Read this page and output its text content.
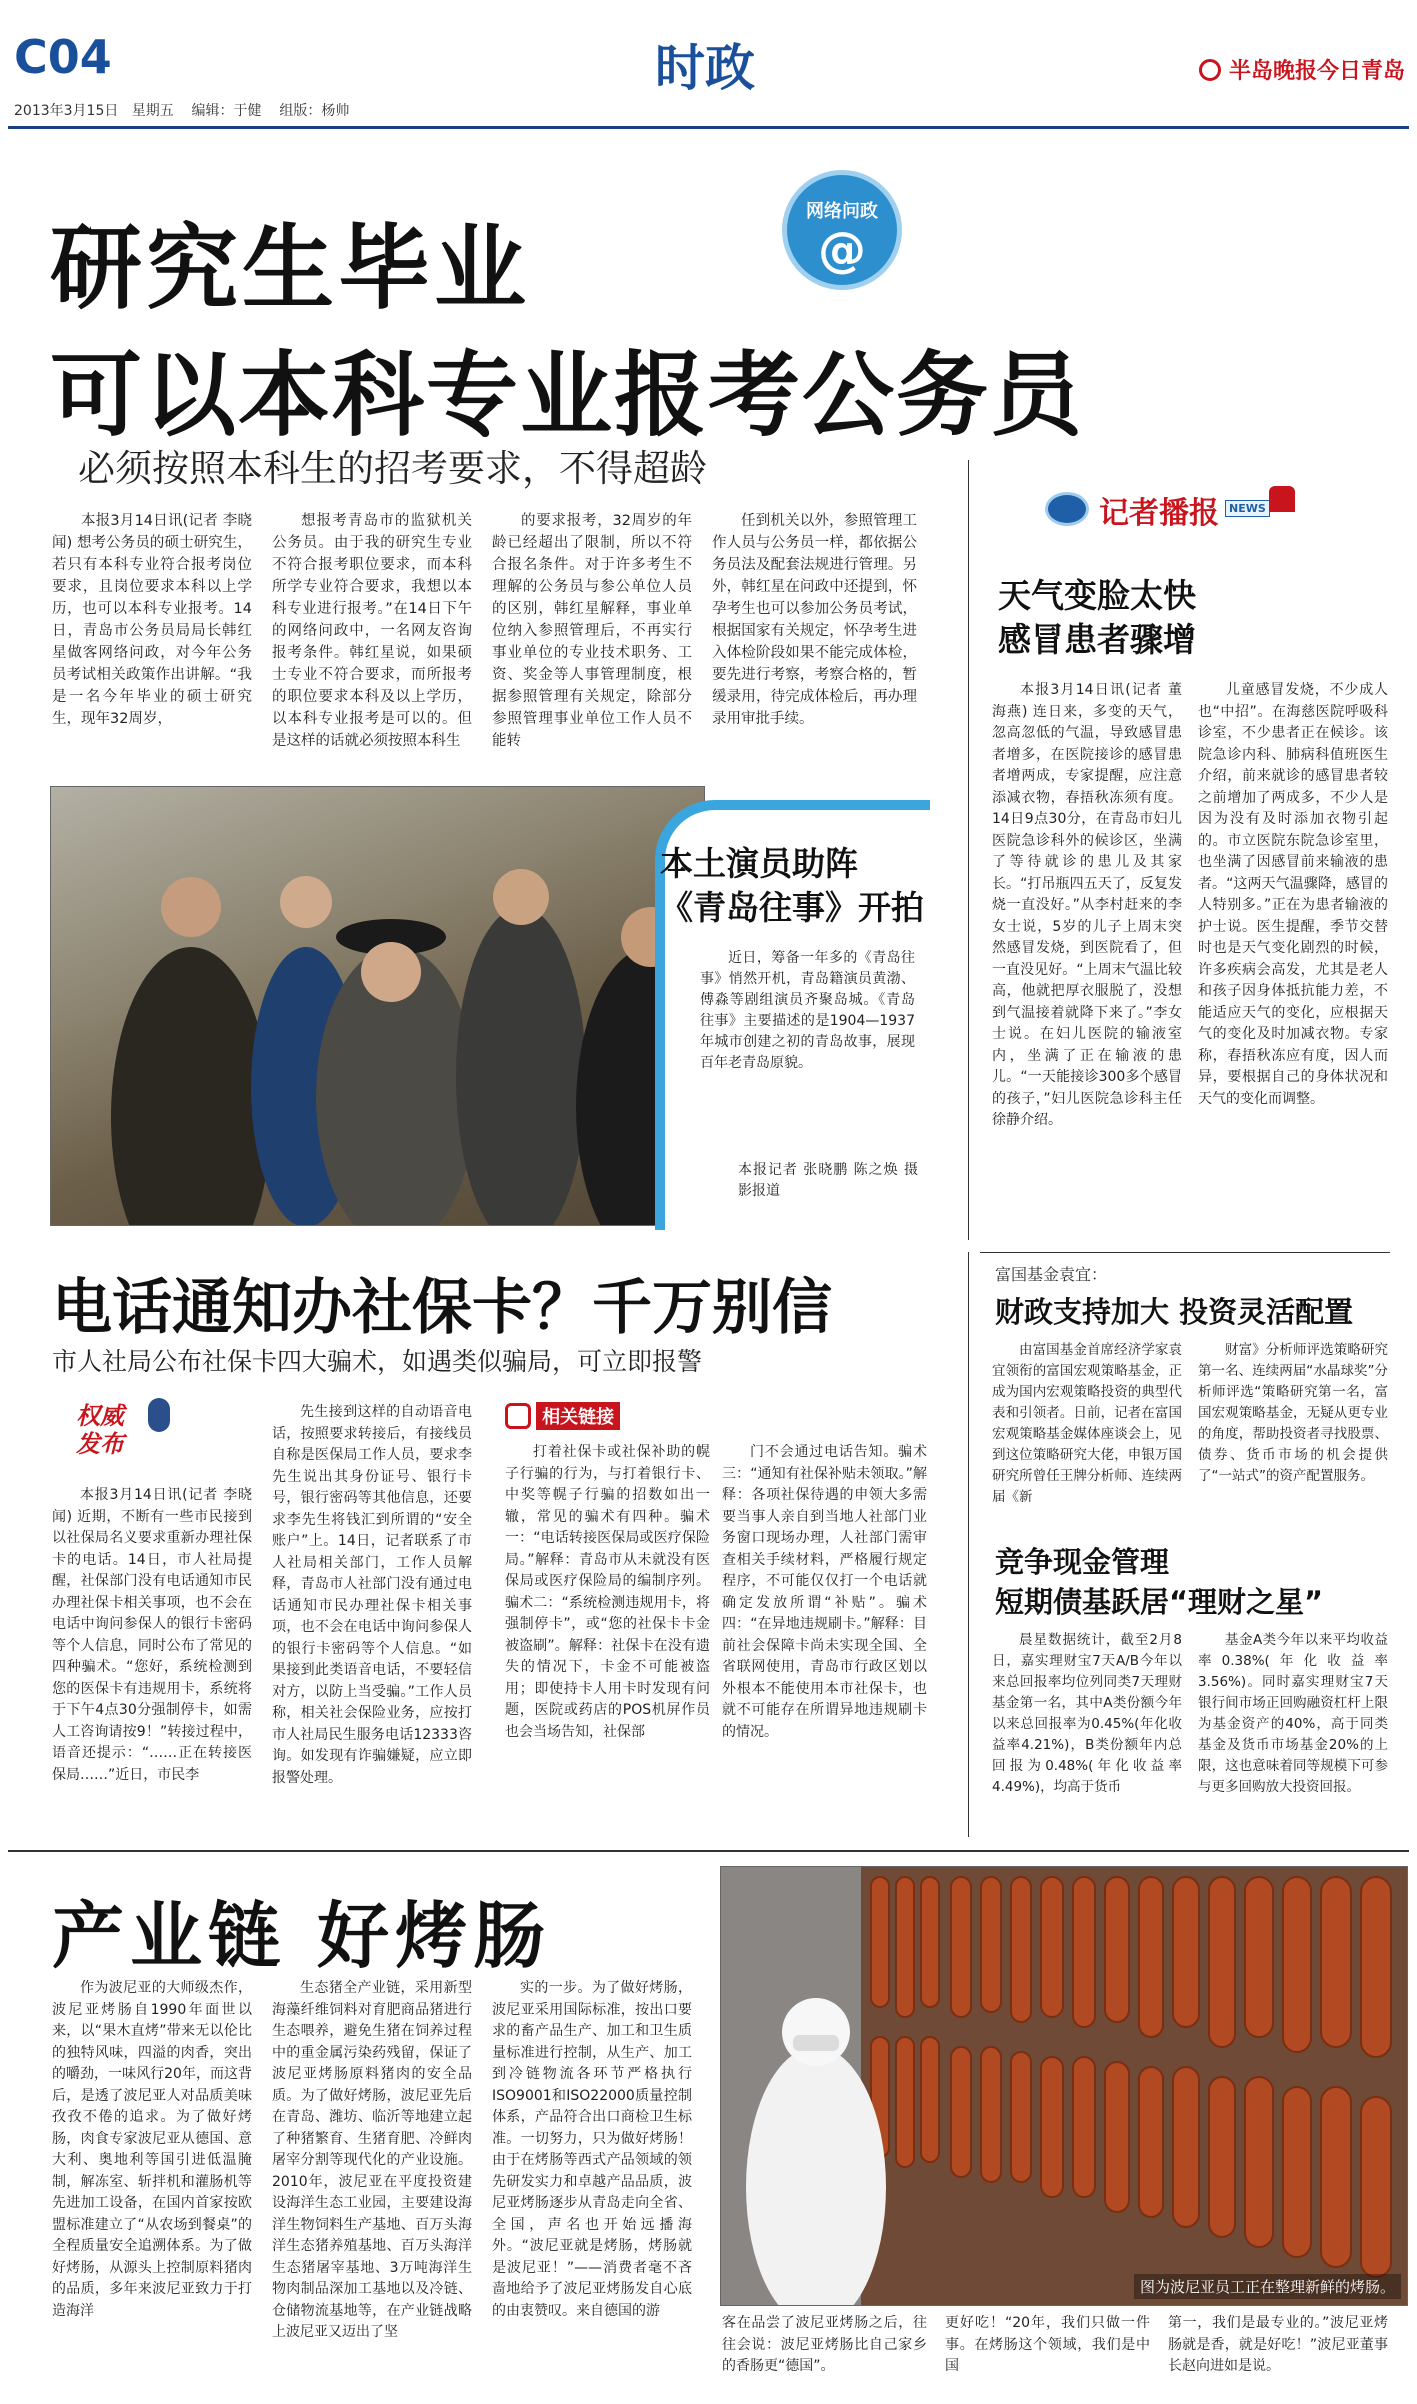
C04
2013年3月15日 星期五 编辑：于健 组版：杨帅
时政	半岛晚报今日青岛
研究生毕业
可以本科专业报考公务员
网络问政
@
必须按照本科生的招考要求，不得超龄

本报3月14日讯(记者 李晓闻) 想考公务员的硕士研究生，若只有本科专业符合报考岗位要求，且岗位要求本科以上学历，也可以本科专业报考。14日，青岛市公务员局局长韩红星做客网络问政，对今年公务员考试相关政策作出讲解。“我是一名今年毕业的硕士研究生，现年32周岁，

想报考青岛市的监狱机关公务员。由于我的研究生专业不符合报考职位要求，而本科所学专业符合要求，我想以本科专业进行报考。”在14日下午的网络问政中，一名网友咨询报考条件。韩红星说，如果硕士专业不符合要求，而所报考的职位要求本科及以上学历，以本科专业报考是可以的。但是这样的话就必须按照本科生

的要求报考，32周岁的年龄已经超出了限制，所以不符合报名条件。对于许多考生不理解的公务员与参公单位人员的区别，韩红星解释，事业单位纳入参照管理后，不再实行事业单位的专业技术职务、工资、奖金等人事管理制度，根据参照管理有关规定，除部分参照管理事业单位工作人员不能转

任到机关以外，参照管理工作人员与公务员一样，都依据公务员法及配套法规进行管理。另外，韩红星在问政中还提到，怀孕考生也可以参加公务员考试，根据国家有关规定，怀孕考生进入体检阶段如果不能完成体检，要先进行考察，考察合格的，暂缓录用，待完成体检后，再办理录用审批手续。

本土演员助阵
《青岛往事》开拍

近日，筹备一年多的《青岛往事》悄然开机，青岛籍演员黄渤、傅淼等剧组演员齐聚岛城。《青岛往事》主要描述的是1904—1937年城市创建之初的青岛故事，展现百年老青岛原貌。

本报记者 张晓鹏 陈之焕 摄影报道
记者播报 NEWS
天气变脸太快
感冒患者骤增

本报3月14日讯(记者 董海燕) 连日来，多变的天气，忽高忽低的气温，导致感冒患者增多，在医院接诊的感冒患者增两成，专家提醒，应注意添减衣物，春捂秋冻须有度。14日9点30分，在青岛市妇儿医院急诊科外的候诊区，坐满了等待就诊的患儿及其家长。“打吊瓶四五天了，反复发烧一直没好。”从李村赶来的李女士说，5岁的儿子上周末突然感冒发烧，到医院看了，但一直没见好。“上周末气温比较高，他就把厚衣服脱了，没想到气温接着就降下来了。”李女士说。在妇儿医院的输液室内，坐满了正在输液的患儿。“一天能接诊300多个感冒的孩子，”妇儿医院急诊科主任徐静介绍。

儿童感冒发烧，不少成人也“中招”。在海慈医院呼吸科诊室，不少患者正在候诊。该院急诊内科、肺病科值班医生介绍，前来就诊的感冒患者较之前增加了两成多，不少人是因为没有及时添加衣物引起的。市立医院东院急诊室里，也坐满了因感冒前来输液的患者。“这两天气温骤降，感冒的人特别多。”正在为患者输液的护士说。医生提醒，季节交替时也是天气变化剧烈的时候，许多疾病会高发，尤其是老人和孩子因身体抵抗能力差，不能适应天气的变化，应根据天气的变化及时加减衣物。专家称，春捂秋冻应有度，因人而异，要根据自己的身体状况和天气的变化而调整。

富国基金袁宜：
财政支持加大 投资灵活配置

由富国基金首席经济学家袁宜领衔的富国宏观策略基金，正成为国内宏观策略投资的典型代表和引领者。日前，记者在富国宏观策略基金媒体座谈会上，见到这位策略研究大佬，申银万国研究所曾任王牌分析师、连续两届《新

财富》分析师评选策略研究第一名、连续两届“水晶球奖”分析师评选“策略研究第一名，富国宏观策略基金，无疑从更专业的角度，帮助投资者寻找股票、债券、货币市场的机会提供了“一站式”的资产配置服务。

竞争现金管理
短期债基跃居“理财之星”

晨星数据统计，截至2月8日，嘉实理财宝7天A/B今年以来总回报率均位列同类7天理财基金第一名，其中A类份额今年以来总回报率为0.45%(年化收益率4.21%)，B类份额年内总回报为0.48%(年化收益率4.49%)，均高于货币

基金A类今年以来平均收益率0.38%(年化收益率3.56%)。同时嘉实理财宝7天银行间市场正回购融资杠杆上限为基金资产的40%，高于同类基金及货币市场基金20%的上限，这也意味着同等规模下可参与更多回购放大投资回报。

电话通知办社保卡？千万别信
市人社局公布社保卡四大骗术，如遇类似骗局，可立即报警
权威发布

本报3月14日讯(记者 李晓闻) 近期，不断有一些市民接到以社保局名义要求重新办理社保卡的电话。14日，市人社局提醒，社保部门没有电话通知市民办理社保卡相关事项，也不会在电话中询问参保人的银行卡密码等个人信息，同时公布了常见的四种骗术。“您好，系统检测到您的医保卡有违规用卡，系统将于下午4点30分强制停卡，如需人工咨询请按9！”转接过程中，语音还提示：“……正在转接医保局……”近日，市民李

先生接到这样的自动语音电话，按照要求转接后，有接线员自称是医保局工作人员，要求李先生说出其身份证号、银行卡号，银行密码等其他信息，还要求李先生将钱汇到所谓的“安全账户”上。14日，记者联系了市人社局相关部门，工作人员解释，青岛市人社部门没有通过电话通知市民办理社保卡相关事项，也不会在电话中询问参保人的银行卡密码等个人信息。“如果接到此类语音电话，不要轻信对方，以防上当受骗。”工作人员称，相关社会保险业务，应按打市人社局民生服务电话12333咨询。如发现有诈骗嫌疑，应立即报警处理。

相关链接

打着社保卡或社保补助的幌子行骗的行为，与打着银行卡、中奖等幌子行骗的招数如出一辙，常见的骗术有四种。骗术一：“电话转接医保局或医疗保险局。”解释：青岛市从未就没有医保局或医疗保险局的编制序列。骗术二：“系统检测违规用卡，将强制停卡”，或“您的社保卡卡金被盗刷”。解释：社保卡在没有遗失的情况下，卡金不可能被盗用；即使持卡人用卡时发现有问题，医院或药店的POS机屏作员也会当场告知，社保部

门不会通过电话告知。骗术三：“通知有社保补贴未领取。”解释：各项社保待遇的申领大多需要当事人亲自到当地人社部门业务窗口现场办理，人社部门需审查相关手续材料，严格履行规定程序，不可能仅仅打一个电话就确定发放所谓“补贴”。骗术四：“在异地违规刷卡。”解释：目前社会保障卡尚未实现全国、全省联网使用，青岛市行政区划以外根本不能使用本市社保卡，也就不可能存在所谓异地违规刷卡的情况。

产业链 好烤肠

作为波尼亚的大师级杰作，波尼亚烤肠自1990年面世以来，以“果木直烤”带来无以伦比的独特风味，四溢的肉香，突出的嚼劲，一味风行20年，而这背后，是透了波尼亚人对品质美味孜孜不倦的追求。为了做好烤肠，肉食专家波尼亚从德国、意大利、奥地利等国引进低温腌制，解冻室、斩拌机和灌肠机等先进加工设备，在国内首家按欧盟标准建立了“从农场到餐桌”的全程质量安全追溯体系。为了做好烤肠，从源头上控制原料猪肉的品质，多年来波尼亚致力于打造海洋

生态猪全产业链，采用新型海藻纤维饲料对育肥商品猪进行生态喂养，避免生猪在饲养过程中的重金属污染药残留，保证了波尼亚烤肠原料猪肉的安全品质。为了做好烤肠，波尼亚先后在青岛、潍坊、临沂等地建立起了种猪繁育、生猪育肥、冷鲜肉屠宰分割等现代化的产业设施。2010年，波尼亚在平度投资建设海洋生态工业园，主要建设海洋生物饲料生产基地、百万头海洋生态猪养殖基地、百万头海洋生态猪屠宰基地、3万吨海洋生物肉制品深加工基地以及冷链、仓储物流基地等，在产业链战略上波尼亚又迈出了坚

实的一步。为了做好烤肠，波尼亚采用国际标准，按出口要求的畜产品生产、加工和卫生质量标准进行控制，从生产、加工到冷链物流各环节严格执行ISO9001和ISO22000质量控制体系，产品符合出口商检卫生标准。一切努力，只为做好烤肠！由于在烤肠等西式产品领域的领先研发实力和卓越产品品质，波尼亚烤肠逐步从青岛走向全省、全国，声名也开始远播海外。“波尼亚就是烤肠，烤肠就是波尼亚！”——消费者毫不吝啬地给予了波尼亚烤肠发自心底的由衷赞叹。来自德国的游

图为波尼亚员工正在整理新鲜的烤肠。
客在品尝了波尼亚烤肠之后，往往会说：波尼亚烤肠比自己家乡的香肠更“德国”。
更好吃！“20年，我们只做一件事。在烤肠这个领域，我们是中国
第一，我们是最专业的。”波尼亚烤肠就是香，就是好吃！”波尼亚董事长赵向进如是说。
